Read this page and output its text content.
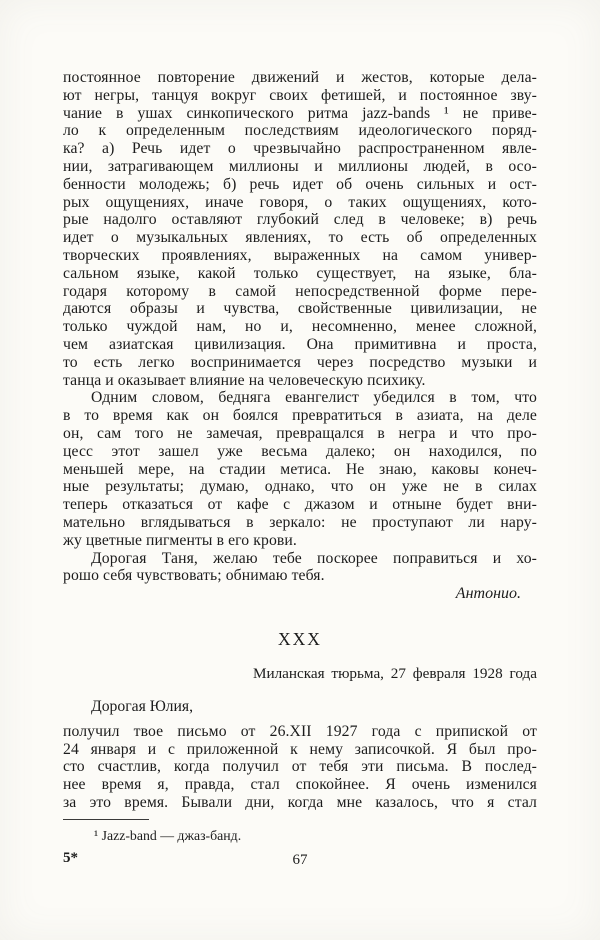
постоянное повторение движений и жестов, которые дела-
ют негры, танцуя вокруг своих фетишей, и постоянное зву-
чание в ушах синкопического ритма jazz-bands ¹ не приве-
ло к определенным последствиям идеологического поряд-
ка? а) Речь идет о чрезвычайно распространенном явле-
нии, затрагивающем миллионы и миллионы людей, в осо-
бенности молодежь; б) речь идет об очень сильных и ост-
рых ощущениях, иначе говоря, о таких ощущениях, кото-
рые надолго оставляют глубокий след в человеке; в) речь
идет о музыкальных явлениях, то есть об определенных
творческих проявлениях, выраженных на самом универ-
сальном языке, какой только существует, на языке, бла-
годаря которому в самой непосредственной форме пере-
даются образы и чувства, свойственные цивилизации, не
только чуждой нам, но и, несомненно, менее сложной,
чем азиатская цивилизация. Она примитивна и проста,
то есть легко воспринимается через посредство музыки и
танца и оказывает влияние на человеческую психику.
Одним словом, бедняга евангелист убедился в том, что
в то время как он боялся превратиться в азиата, на деле
он, сам того не замечая, превращался в негра и что про-
цесс этот зашел уже весьма далеко; он находился, по
меньшей мере, на стадии метиса. Не знаю, каковы конеч-
ные результаты; думаю, однако, что он уже не в силах
теперь отказаться от кафе с джазом и отныне будет вни-
мательно вглядываться в зеркало: не проступают ли нару-
жу цветные пигменты в его крови.
Дорогая Таня, желаю тебе поскорее поправиться и хо-
рошо себя чувствовать; обнимаю тебя.
Антонио.
XXX
Миланская тюрьма, 27 февраля 1928 года
Дорогая Юлия,
получил твое письмо от 26.XII 1927 года с припиской от
24 января и с приложенной к нему записочкой. Я был про-
сто счастлив, когда получил от тебя эти письма. В послед-
нее время я, правда, стал спокойнее. Я очень изменился
за это время. Бывали дни, когда мне казалось, что я стал
¹ Jazz-band — джаз-банд.
5*	67
